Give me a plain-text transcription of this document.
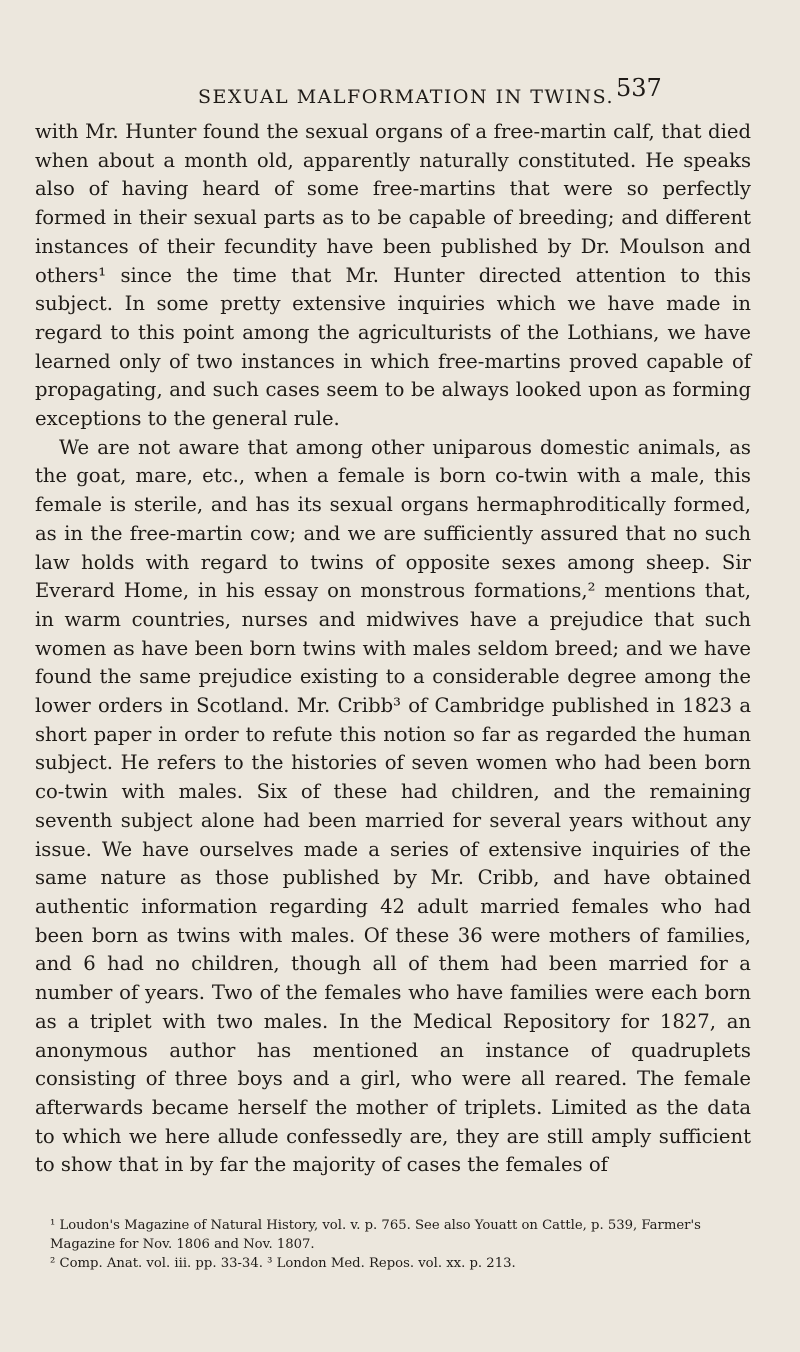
SEXUAL MALFORMATION IN TWINS. 537

with Mr. Hunter found the sexual organs of a free-martin calf, that died when about a month old, apparently naturally constituted. He speaks also of having heard of some free-martins that were so perfectly formed in their sexual parts as to be capable of breeding; and different instances of their fecundity have been published by Dr. Moulson and others¹ since the time that Mr. Hunter directed attention to this subject. In some pretty extensive inquiries which we have made in regard to this point among the agriculturists of the Lothians, we have learned only of two instances in which free-martins proved capable of propagating, and such cases seem to be always looked upon as forming exceptions to the general rule.

We are not aware that among other uniparous domestic animals, as the goat, mare, etc., when a female is born co-twin with a male, this female is sterile, and has its sexual organs hermaphroditically formed, as in the free-martin cow; and we are sufficiently assured that no such law holds with regard to twins of opposite sexes among sheep. Sir Everard Home, in his essay on monstrous formations,² mentions that, in warm countries, nurses and midwives have a prejudice that such women as have been born twins with males seldom breed; and we have found the same prejudice existing to a considerable degree among the lower orders in Scotland. Mr. Cribb³ of Cambridge published in 1823 a short paper in order to refute this notion so far as regarded the human subject. He refers to the histories of seven women who had been born co-twin with males. Six of these had children, and the remaining seventh subject alone had been married for several years without any issue. We have ourselves made a series of extensive inquiries of the same nature as those published by Mr. Cribb, and have obtained authentic information regarding 42 adult married females who had been born as twins with males. Of these 36 were mothers of families, and 6 had no children, though all of them had been married for a number of years. Two of the females who have families were each born as a triplet with two males. In the Medical Repository for 1827, an anonymous author has mentioned an instance of quadruplets consisting of three boys and a girl, who were all reared. The female afterwards became herself the mother of triplets. Limited as the data to which we here allude confessedly are, they are still amply sufficient to show that in by far the majority of cases the females of

¹ Loudon's Magazine of Natural History, vol. v. p. 765. See also Youatt on Cattle, p. 539, Farmer's Magazine for Nov. 1806 and Nov. 1807.
² Comp. Anat. vol. iii. pp. 33-34. ³ London Med. Repos. vol. xx. p. 213.
